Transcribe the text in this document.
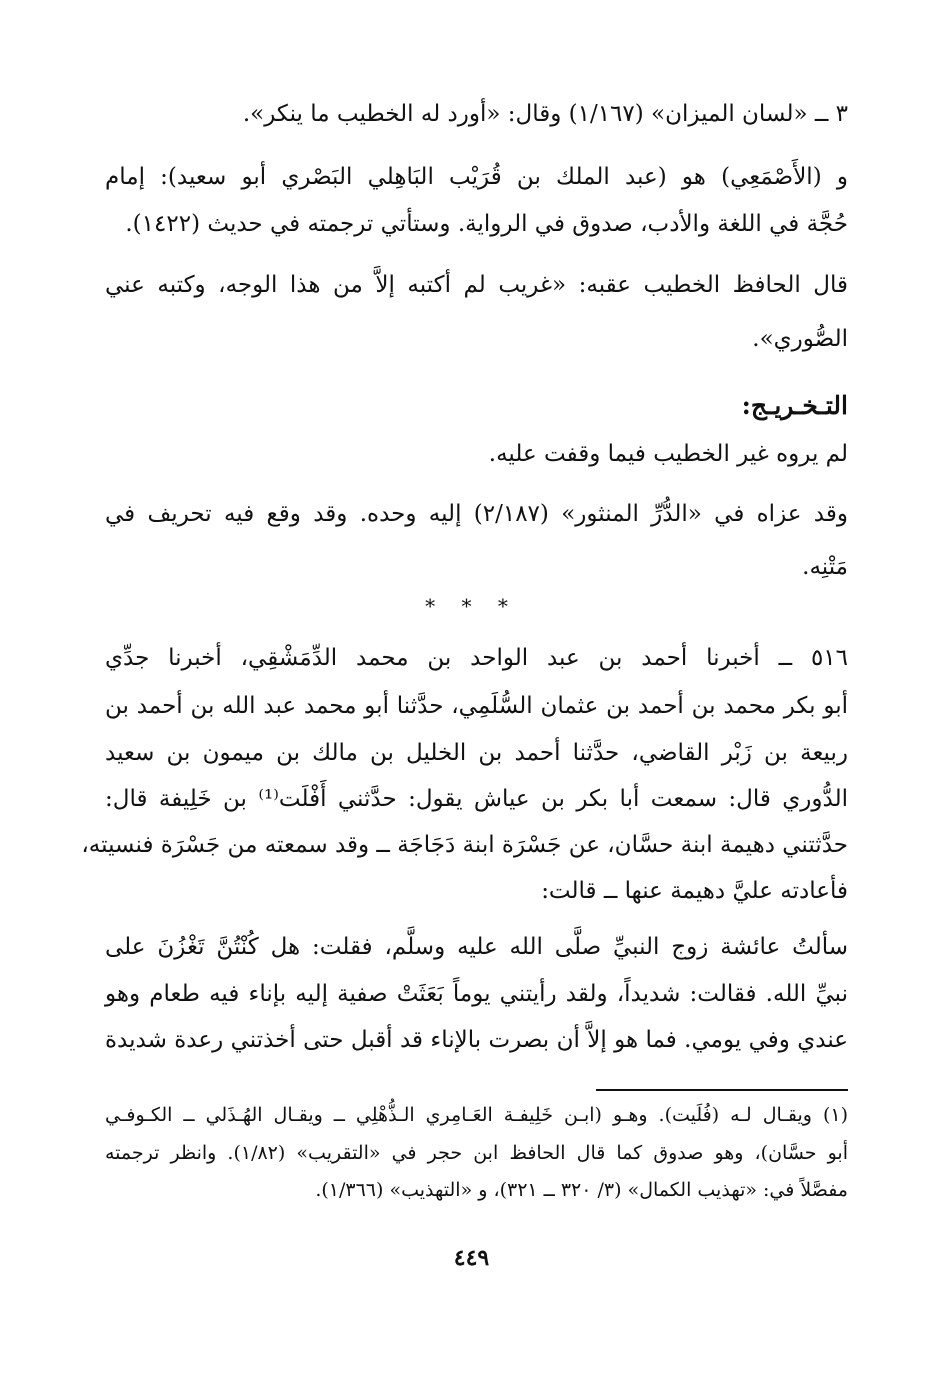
٣ ــ «لسان الميزان» (١/١٦٧) وقال: «أورد له الخطيب ما ينكر».
و (الأَصْمَعِي) هو (عبد الملك بن قُرَيْب البَاهِلي البَصْري أبو سعيد): إمام
حُجَّة في اللغة والأدب، صدوق في الرواية. وستأتي ترجمته في حديث (١٤٢٢).
قال الحافظ الخطيب عقبه: «غريب لم أكتبه إلاَّ من هذا الوجه، وكتبه عني
الصُّوري».
التـخـريـج:
لم يروه غير الخطيب فيما وقفت عليه.
وقد عزاه في «الدُّرِّ المنثور» (٢/١٨٧) إليه وحده. وقد وقع فيه تحريف في
مَتْنِه.
* * *
٥١٦ ــ أخبرنا أحمد بن عبد الواحد بن محمد الدِّمَشْقِي، أخبرنا جدِّي
أبو بكر محمد بن أحمد بن عثمان السُّلَمِي، حدَّثنا أبو محمد عبد الله بن أحمد بن
ربيعة بن زَبْر القاضي، حدَّثنا أحمد بن الخليل بن مالك بن ميمون بن سعيد
الدُّوري قال: سمعت أبا بكر بن عياش يقول: حدَّثني أَفْلَت⁽¹⁾ بن خَلِيفة قال:
حدَّثتني دهيمة ابنة حسَّان، عن جَسْرَة ابنة دَجَاجَة ــ وقد سمعته من جَسْرَة فنسيته،
فأعادته عليَّ دهيمة عنها ــ قالت:
سألتُ عائشة زوج النبيِّ صلَّى الله عليه وسلَّم، فقلت: هل كُنْتُنَّ تَغْزُنَ على
نبيِّ الله. فقالت: شديداً، ولقد رأيتني يوماً بَعَثَتْ صفية إليه بإناء فيه طعام وهو
عندي وفي يومي. فما هو إلاَّ أن بصرت بالإناء قد أقبل حتى أخذتني رعدة شديدة
(١) ويقـال لـه (فُلَيت). وهـو (ابـن خَلِيفـة العَـامِري الـذُّهْلِي ــ ويقـال الهُـذَلي ــ الكـوفـي
أبو حسَّان)، وهو صدوق كما قال الحافظ ابن حجر في «التقريب» (١/٨٢). وانظر ترجمته
مفصَّلاً في: «تهذيب الكمال» (٣/ ٣٢٠ ــ ٣٢١)، و «التهذيب» (١/٣٦٦).
٤٤٩
